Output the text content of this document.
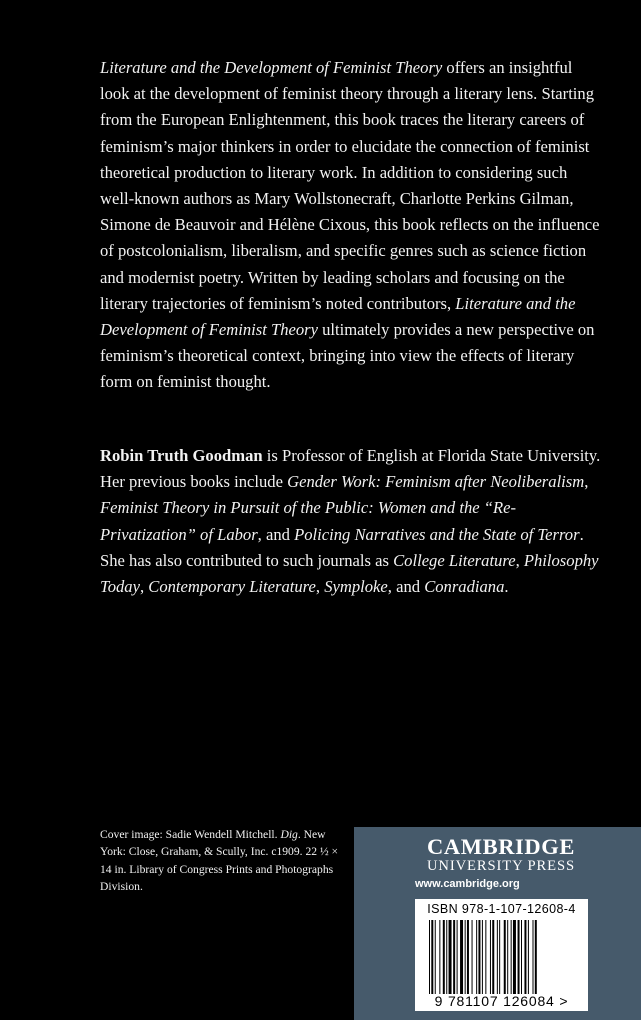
Literature and the Development of Feminist Theory offers an insightful look at the development of feminist theory through a literary lens. Starting from the European Enlightenment, this book traces the literary careers of feminism’s major thinkers in order to elucidate the connection of feminist theoretical production to literary work. In addition to considering such well-known authors as Mary Wollstonecraft, Charlotte Perkins Gilman, Simone de Beauvoir and Hélène Cixous, this book reflects on the influence of postcolonialism, liberalism, and specific genres such as science fiction and modernist poetry. Written by leading scholars and focusing on the literary trajectories of feminism’s noted contributors, Literature and the Development of Feminist Theory ultimately provides a new perspective on feminism’s theoretical context, bringing into view the effects of literary form on feminist thought.

Robin Truth Goodman is Professor of English at Florida State University. Her previous books include Gender Work: Feminism after Neoliberalism, Feminist Theory in Pursuit of the Public: Women and the “Re-Privatization” of Labor, and Policing Narratives and the State of Terror. She has also contributed to such journals as College Literature, Philosophy Today, Contemporary Literature, Symploke, and Conradiana.

Cover image: Sadie Wendell Mitchell. Dig. New York: Close, Graham, & Scully, Inc. c1909. 22 ½ × 14 in. Library of Congress Prints and Photographs Division.

CAMBRIDGE
UNIVERSITY PRESS
www.cambridge.org
ISBN 978-1-107-12608-4
9 781107 126084 >
